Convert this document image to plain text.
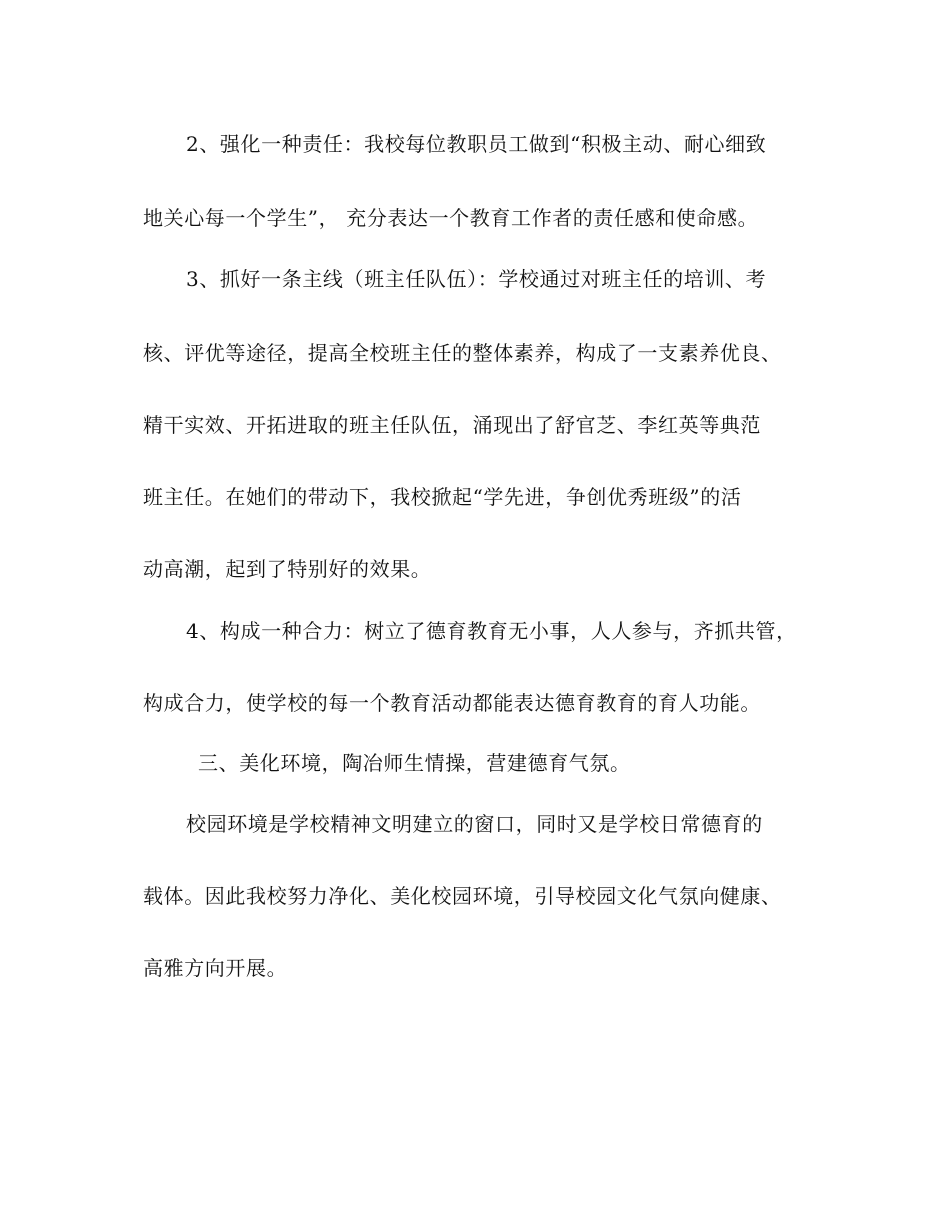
2、强化一种责任：我校每位教职员工做到“积极主动、耐心细致
地关心每一个学生”， 充分表达一个教育工作者的责任感和使命感。
3、抓好一条主线（班主任队伍）：学校通过对班主任的培训、考
核、评优等途径，提高全校班主任的整体素养，构成了一支素养优良、
精干实效、开拓进取的班主任队伍，涌现出了舒官芝、李红英等典范
班主任。在她们的带动下，我校掀起“学先进，争创优秀班级”的活
动高潮，起到了特别好的效果。
4、构成一种合力：树立了德育教育无小事，人人参与，齐抓共管，
构成合力，使学校的每一个教育活动都能表达德育教育的育人功能。
三、美化环境，陶冶师生情操，营建德育气氛。
校园环境是学校精神文明建立的窗口，同时又是学校日常德育的
载体。因此我校努力净化、美化校园环境，引导校园文化气氛向健康、
高雅方向开展。
